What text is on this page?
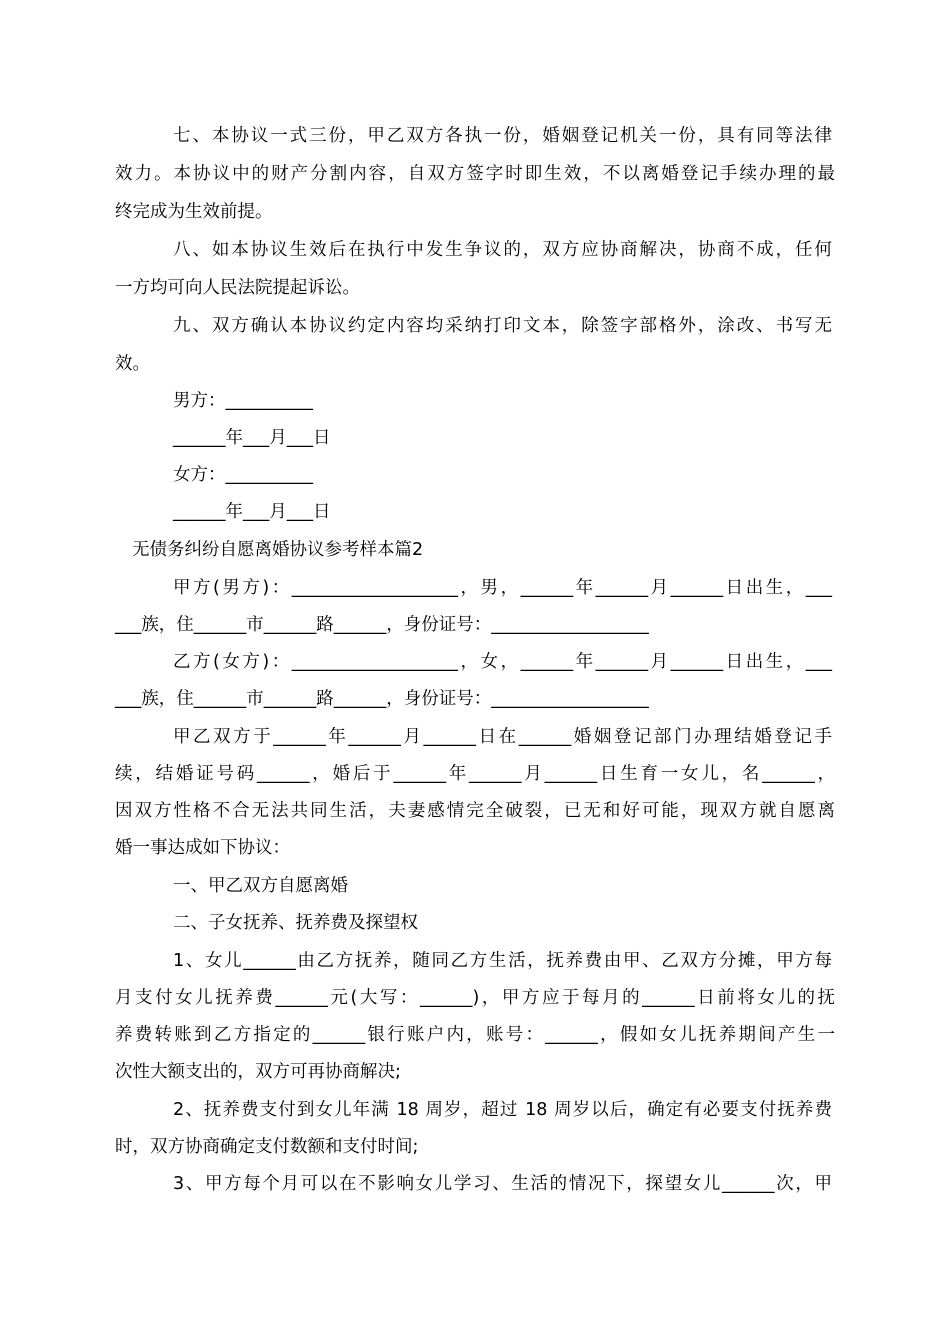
七、本协议一式三份，甲乙双方各执一份，婚姻登记机关一份，具有同等法律
效力。本协议中的财产分割内容，自双方签字时即生效，不以离婚登记手续办理的最
终完成为生效前提。
八、如本协议生效后在执行中发生争议的，双方应协商解决，协商不成，任何
一方均可向人民法院提起诉讼。
九、双方确认本协议约定内容均采纳打印文本，除签字部格外，涂改、书写无
效。
男方：__________
______年___月___日
女方：__________
______年___月___日
无债务纠纷自愿离婚协议参考样本篇2
甲方(男方)：___________________，男，______年______月______日出生，___
___族，住______市______路______，身份证号：__________________
乙方(女方)：___________________，女，______年______月______日出生，___
___族，住______市______路______，身份证号：__________________
甲乙双方于______年______月______日在______婚姻登记部门办理结婚登记手
续，结婚证号码______，婚后于______年______月______日生育一女儿，名______，
因双方性格不合无法共同生活，夫妻感情完全破裂，已无和好可能，现双方就自愿离
婚一事达成如下协议：
一、甲乙双方自愿离婚
二、子女抚养、抚养费及探望权
1、女儿______由乙方抚养，随同乙方生活，抚养费由甲、乙双方分摊，甲方每
月支付女儿抚养费______元(大写：______)，甲方应于每月的______日前将女儿的抚
养费转账到乙方指定的______银行账户内，账号：______，假如女儿抚养期间产生一
次性大额支出的，双方可再协商解决;
2、抚养费支付到女儿年满 18 周岁，超过 18 周岁以后，确定有必要支付抚养费
时，双方协商确定支付数额和支付时间;
3、甲方每个月可以在不影响女儿学习、生活的情况下，探望女儿______次，甲
